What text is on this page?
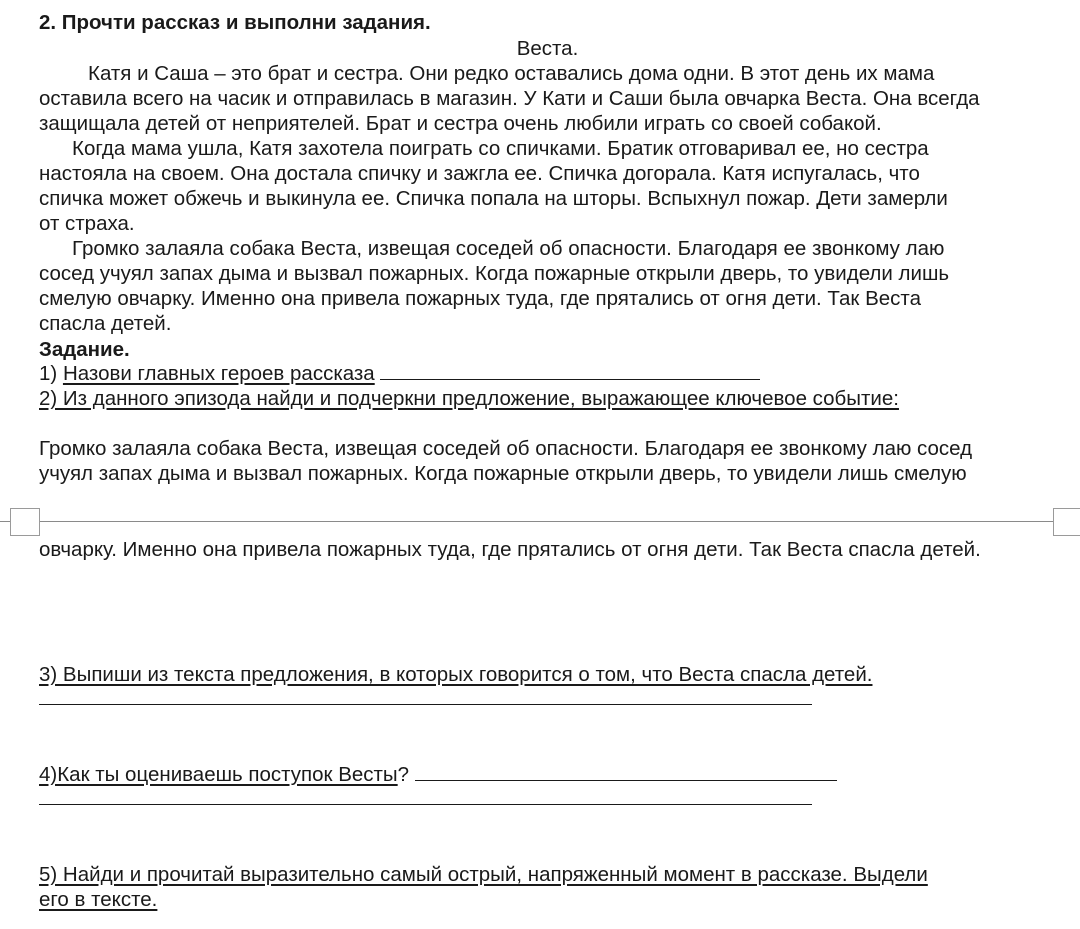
2. Прочти рассказ и выполни задания.
Веста.
Катя и Саша – это брат и сестра. Они редко оставались дома одни. В этот день их мама
оставила всего на часик и отправилась в магазин. У Кати и Саши была овчарка Веста. Она всегда
защищала детей от неприятелей. Брат и сестра очень любили играть со своей собакой.
Когда мама ушла, Катя захотела поиграть со спичками. Братик отговаривал ее, но сестра
настояла на своем. Она достала спичку и зажгла ее. Спичка догорала. Катя испугалась, что
спичка может обжечь и выкинула ее. Спичка попала на шторы. Вспыхнул пожар. Дети замерли
от страха.
Громко залаяла собака Веста, извещая соседей об опасности. Благодаря ее звонкому лаю
сосед учуял запах дыма и вызвал пожарных. Когда пожарные открыли дверь, то увидели лишь
смелую овчарку. Именно она привела пожарных туда, где прятались от огня дети. Так Веста
спасла детей.
Задание.
1) Назови главных героев рассказа
2) Из данного эпизода найди и подчеркни предложение, выражающее ключевое событие:
Громко залаяла собака Веста, извещая соседей об опасности. Благодаря ее звонкому лаю сосед
учуял запах дыма и вызвал пожарных. Когда пожарные открыли дверь, то увидели лишь смелую
овчарку. Именно она привела пожарных туда, где прятались от огня дети. Так Веста спасла детей.
3) Выпиши из текста предложения, в которых говорится о том, что Веста спасла детей.
4)Как ты оцениваешь поступок Весты?
5) Найди и прочитай выразительно самый острый, напряженный момент в рассказе. Выдели
его в тексте.
